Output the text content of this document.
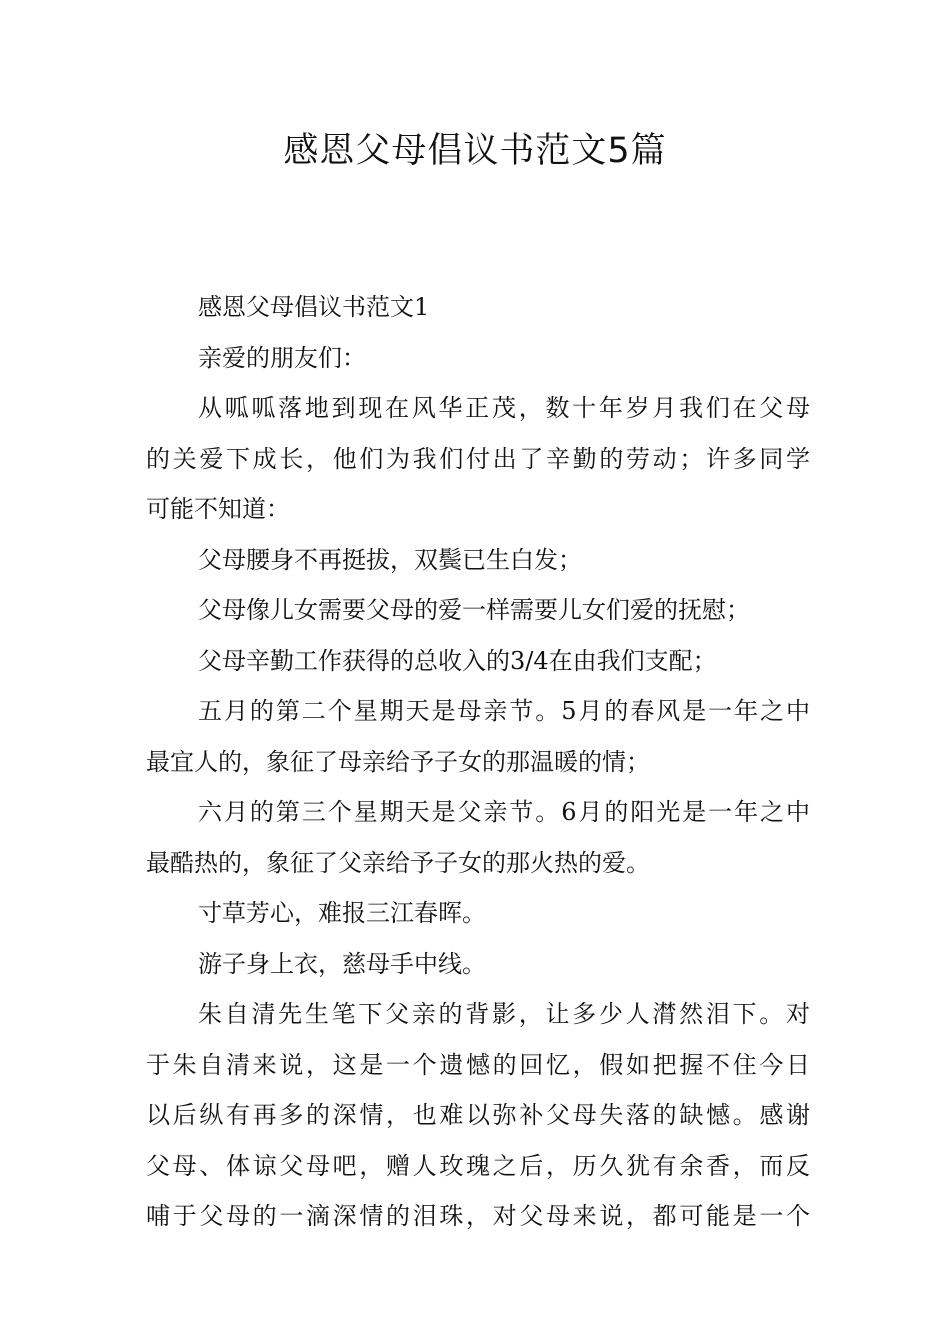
感恩父母倡议书范文5篇

感恩父母倡议书范文1

亲爱的朋友们：

从呱呱落地到现在风华正茂，数十年岁月我们在父母
的关爱下成长，他们为我们付出了辛勤的劳动；许多同学
可能不知道：

父母腰身不再挺拔，双鬓已生白发；

父母像儿女需要父母的爱一样需要儿女们爱的抚慰；

父母辛勤工作获得的总收入的3/4在由我们支配；

五月的第二个星期天是母亲节。5月的春风是一年之中
最宜人的，象征了母亲给予子女的那温暖的情；

六月的第三个星期天是父亲节。6月的阳光是一年之中
最酷热的，象征了父亲给予子女的那火热的爱。

寸草芳心，难报三江春晖。

游子身上衣，慈母手中线。

朱自清先生笔下父亲的背影，让多少人潸然泪下。对
于朱自清来说，这是一个遗憾的回忆，假如把握不住今日
以后纵有再多的深情，也难以弥补父母失落的缺憾。感谢
父母、体谅父母吧，赠人玫瑰之后，历久犹有余香，而反
哺于父母的一滴深情的泪珠，对父母来说，都可能是一个
